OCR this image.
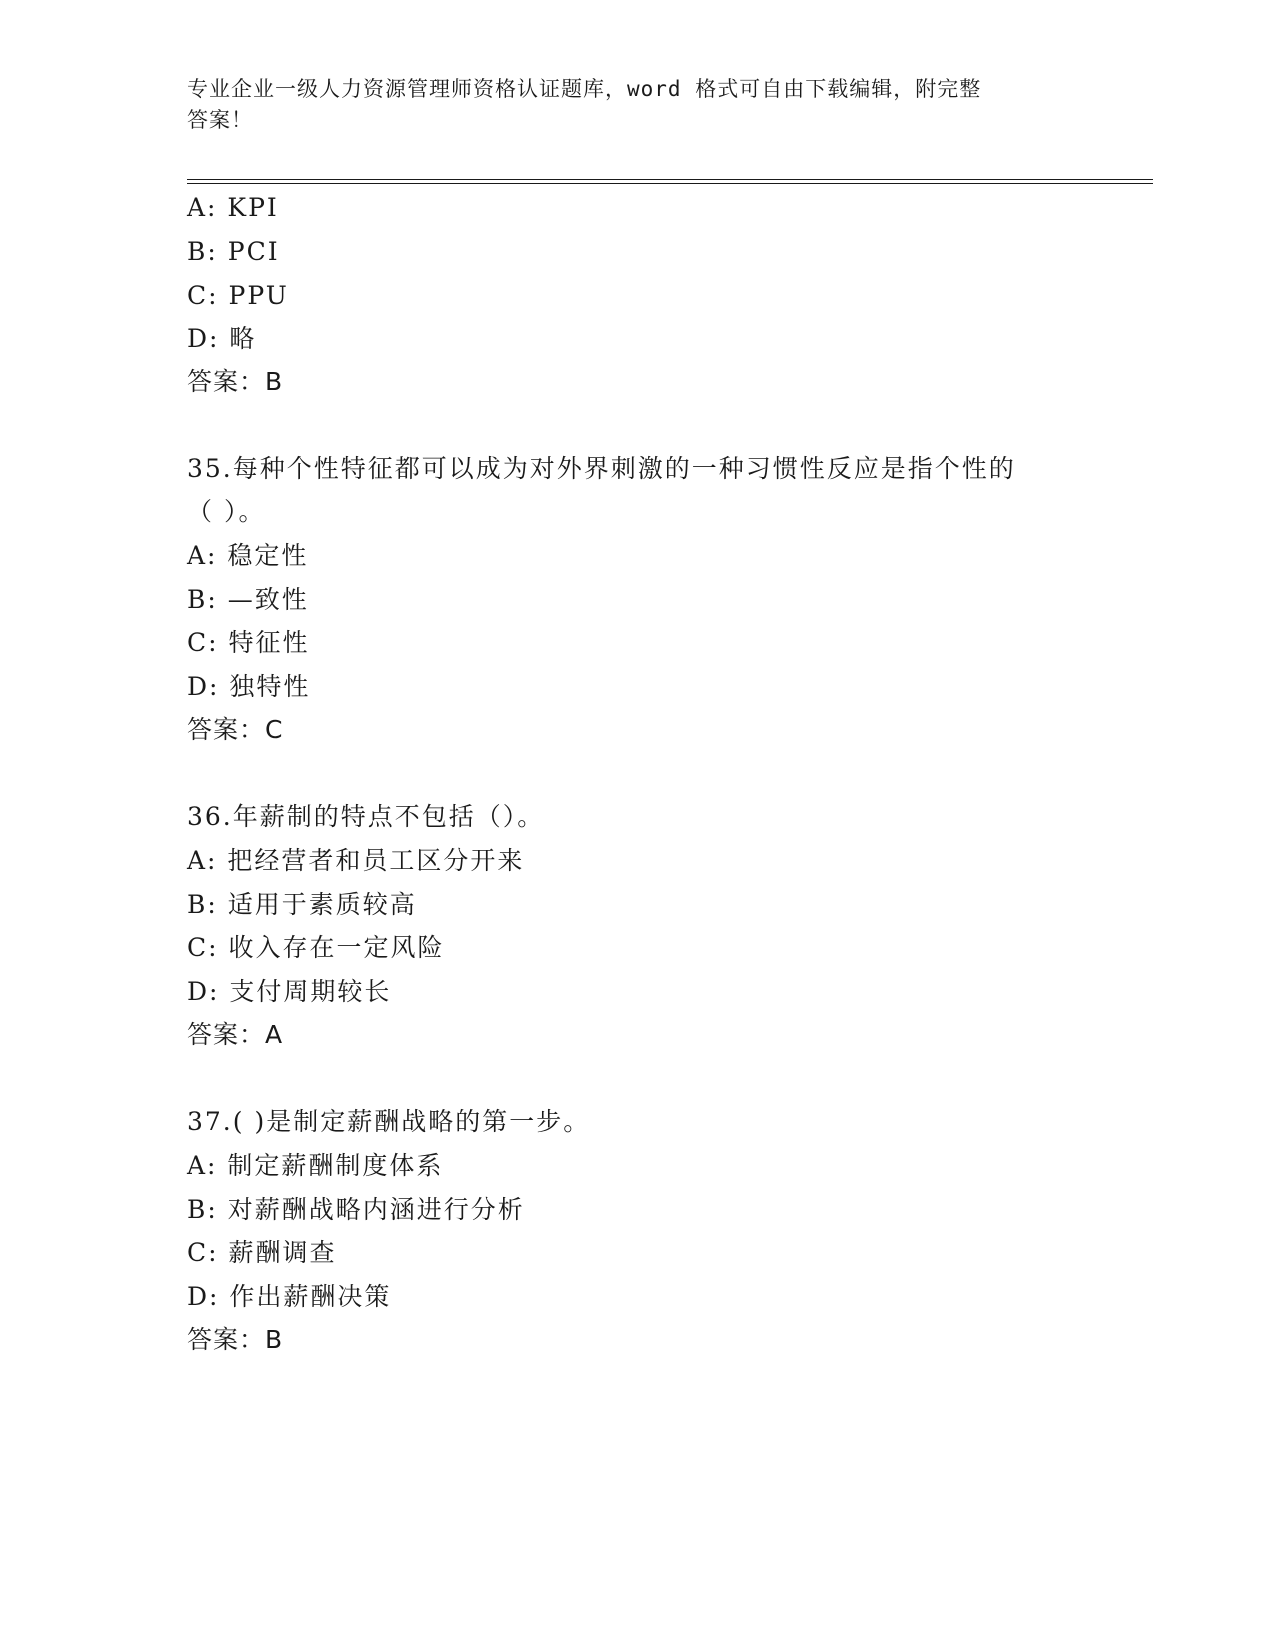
专业企业一级人力资源管理师资格认证题库，word 格式可自由下载编辑，附完整
答案！
A: KPI
B: PCI
C: PPU
D: 略
答案：B
35.每种个性特征都可以成为对外界刺激的一种习惯性反应是指个性的
（ ）。
A: 稳定性
B: —致性
C: 特征性
D: 独特性
答案：C
36.年薪制的特点不包括（）。
A: 把经营者和员工区分开来
B: 适用于素质较高
C: 收入存在一定风险
D: 支付周期较长
答案：A
37.( )是制定薪酬战略的第一步。
A: 制定薪酬制度体系
B: 对薪酬战略内涵进行分析
C: 薪酬调查
D: 作出薪酬决策
答案：B
